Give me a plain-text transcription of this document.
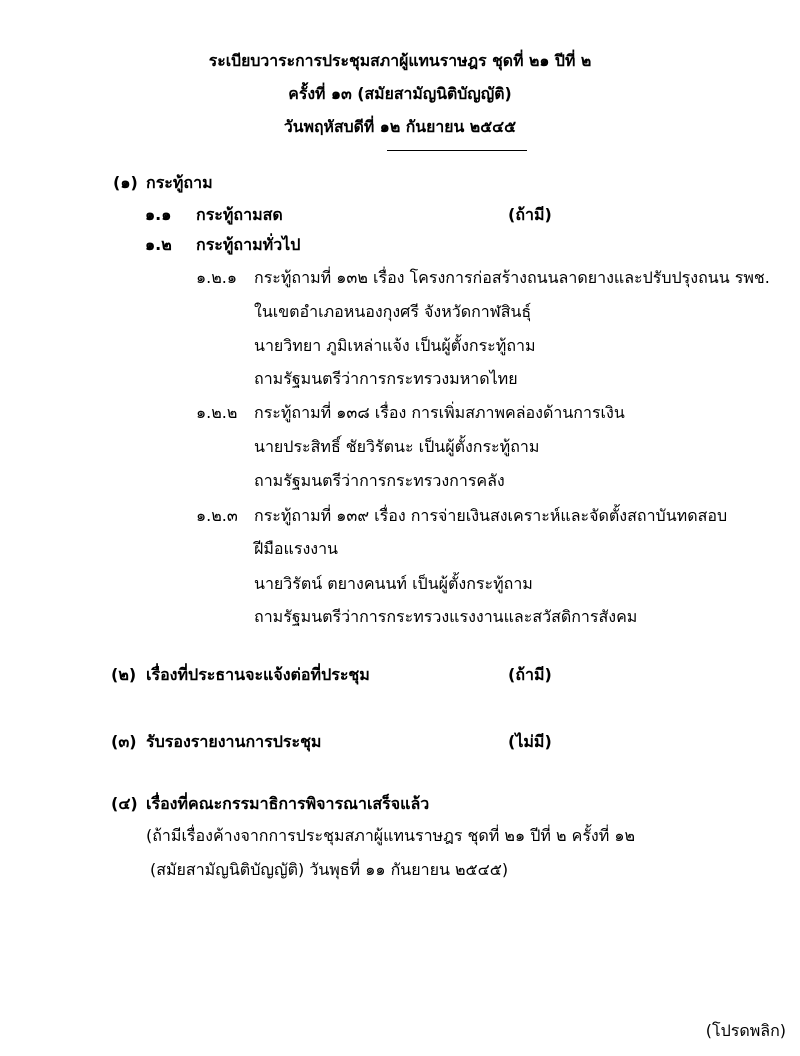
ระเบียบวาระการประชุมสภาผู้แทนราษฎร ชุดที่ ๒๑ ปีที่ ๒
ครั้งที่ ๑๓ (สมัยสามัญนิติบัญญัติ)
วันพฤหัสบดีที่ ๑๒ กันยายน ๒๕๔๕
(๑) กระทู้ถาม
๑.๑ กระทู้ถามสด	(ถ้ามี)
๑.๒ กระทู้ถามทั่วไป
๑.๒.๑ กระทู้ถามที่ ๑๓๒ เรื่อง โครงการก่อสร้างถนนลาดยางและปรับปรุงถนน รพช.
ในเขตอำเภอหนองกุงศรี จังหวัดกาฬสินธุ์
นายวิทยา ภูมิเหล่าแจ้ง เป็นผู้ตั้งกระทู้ถาม
ถามรัฐมนตรีว่าการกระทรวงมหาดไทย
๑.๒.๒ กระทู้ถามที่ ๑๓๘ เรื่อง การเพิ่มสภาพคล่องด้านการเงิน
นายประสิทธิ์ ชัยวิรัตนะ เป็นผู้ตั้งกระทู้ถาม
ถามรัฐมนตรีว่าการกระทรวงการคลัง
๑.๒.๓ กระทู้ถามที่ ๑๓๙ เรื่อง การจ่ายเงินสงเคราะห์และจัดตั้งสถาบันทดสอบ
ฝีมือแรงงาน
นายวิรัตน์ ตยางคนนท์ เป็นผู้ตั้งกระทู้ถาม
ถามรัฐมนตรีว่าการกระทรวงแรงงานและสวัสดิการสังคม
(๒) เรื่องที่ประธานจะแจ้งต่อที่ประชุม	(ถ้ามี)
(๓) รับรองรายงานการประชุม	(ไม่มี)
(๔) เรื่องที่คณะกรรมาธิการพิจารณาเสร็จแล้ว
(ถ้ามีเรื่องค้างจากการประชุมสภาผู้แทนราษฎร ชุดที่ ๒๑ ปีที่ ๒ ครั้งที่ ๑๒
(สมัยสามัญนิติบัญญัติ) วันพุธที่ ๑๑ กันยายน ๒๕๔๕)
(โปรดพลิก)
